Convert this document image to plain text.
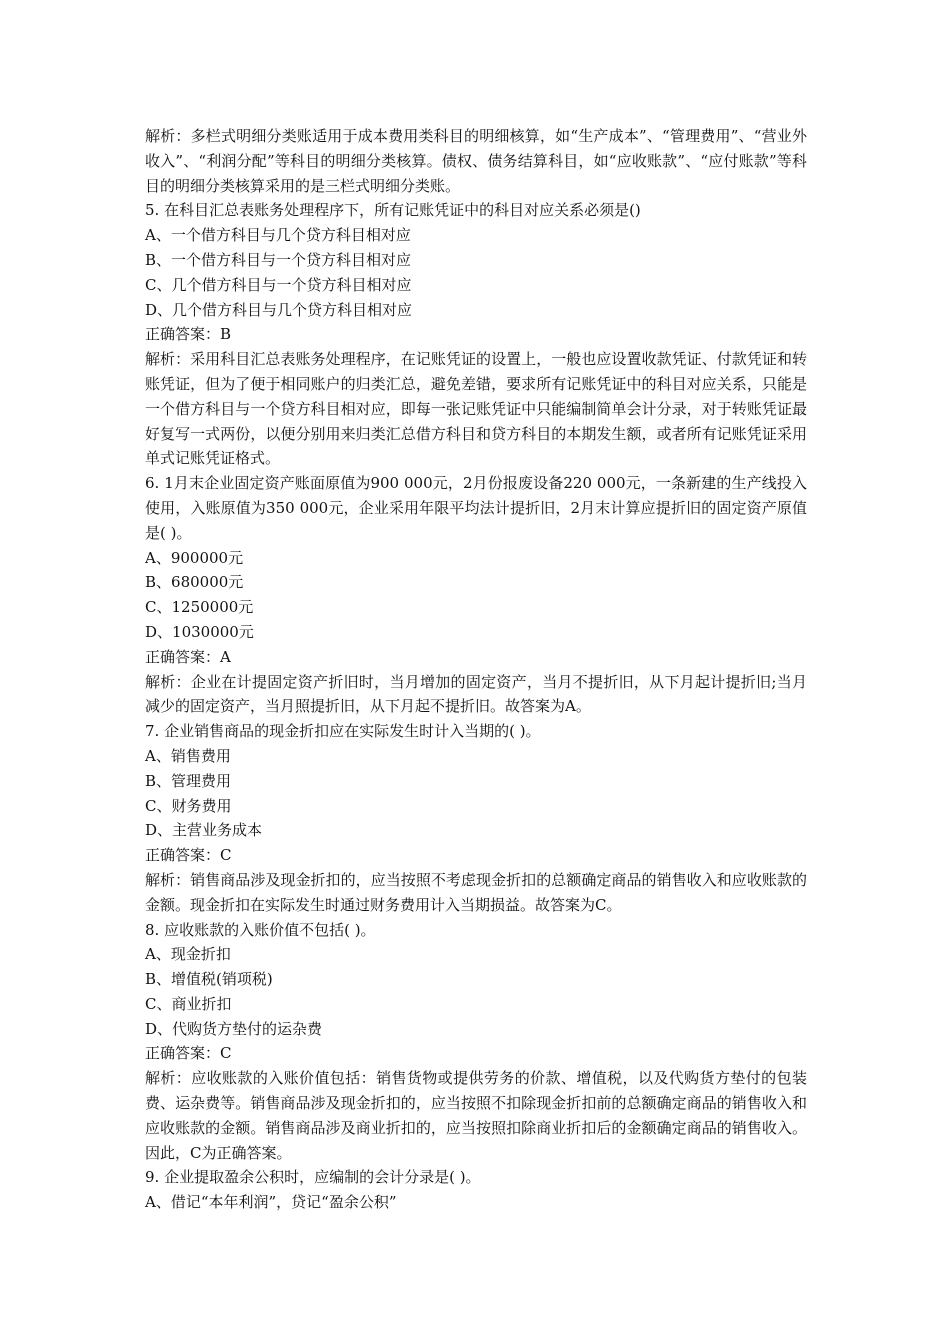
解析：多栏式明细分类账适用于成本费用类科目的明细核算，如“生产成本”、“管理费用”、“营业外收入”、“利润分配”等科目的明细分类核算。债权、债务结算科目，如“应收账款”、“应付账款”等科目的明细分类核算采用的是三栏式明细分类账。

5. 在科目汇总表账务处理程序下，所有记账凭证中的科目对应关系必须是()

A、一个借方科目与几个贷方科目相对应

B、一个借方科目与一个贷方科目相对应

C、几个借方科目与一个贷方科目相对应

D、几个借方科目与几个贷方科目相对应

正确答案：B

解析：采用科目汇总表账务处理程序，在记账凭证的设置上，一般也应设置收款凭证、付款凭证和转账凭证，但为了便于相同账户的归类汇总，避免差错，要求所有记账凭证中的科目对应关系，只能是一个借方科目与一个贷方科目相对应，即每一张记账凭证中只能编制简单会计分录，对于转账凭证最好复写一式两份，以便分别用来归类汇总借方科目和贷方科目的本期发生额，或者所有记账凭证采用单式记账凭证格式。

6. 1月末企业固定资产账面原值为900 000元，2月份报废设备220 000元，一条新建的生产线投入使用，入账原值为350 000元，企业采用年限平均法计提折旧，2月末计算应提折旧的固定资产原值是( )。

A、900000元

B、680000元

C、1250000元

D、1030000元

正确答案：A

解析：企业在计提固定资产折旧时，当月增加的固定资产，当月不提折旧，从下月起计提折旧;当月减少的固定资产，当月照提折旧，从下月起不提折旧。故答案为A。

7. 企业销售商品的现金折扣应在实际发生时计入当期的( )。

A、销售费用

B、管理费用

C、财务费用

D、主营业务成本

正确答案：C

解析：销售商品涉及现金折扣的，应当按照不考虑现金折扣的总额确定商品的销售收入和应收账款的金额。现金折扣在实际发生时通过财务费用计入当期损益。故答案为C。

8. 应收账款的入账价值不包括( )。

A、现金折扣

B、增值税(销项税)

C、商业折扣

D、代购货方垫付的运杂费

正确答案：C

解析：应收账款的入账价值包括：销售货物或提供劳务的价款、增值税，以及代购货方垫付的包装费、运杂费等。销售商品涉及现金折扣的，应当按照不扣除现金折扣前的总额确定商品的销售收入和应收账款的金额。销售商品涉及商业折扣的，应当按照扣除商业折扣后的金额确定商品的销售收入。因此，C为正确答案。

9. 企业提取盈余公积时，应编制的会计分录是( )。

A、借记“本年利润”，贷记“盈余公积”
